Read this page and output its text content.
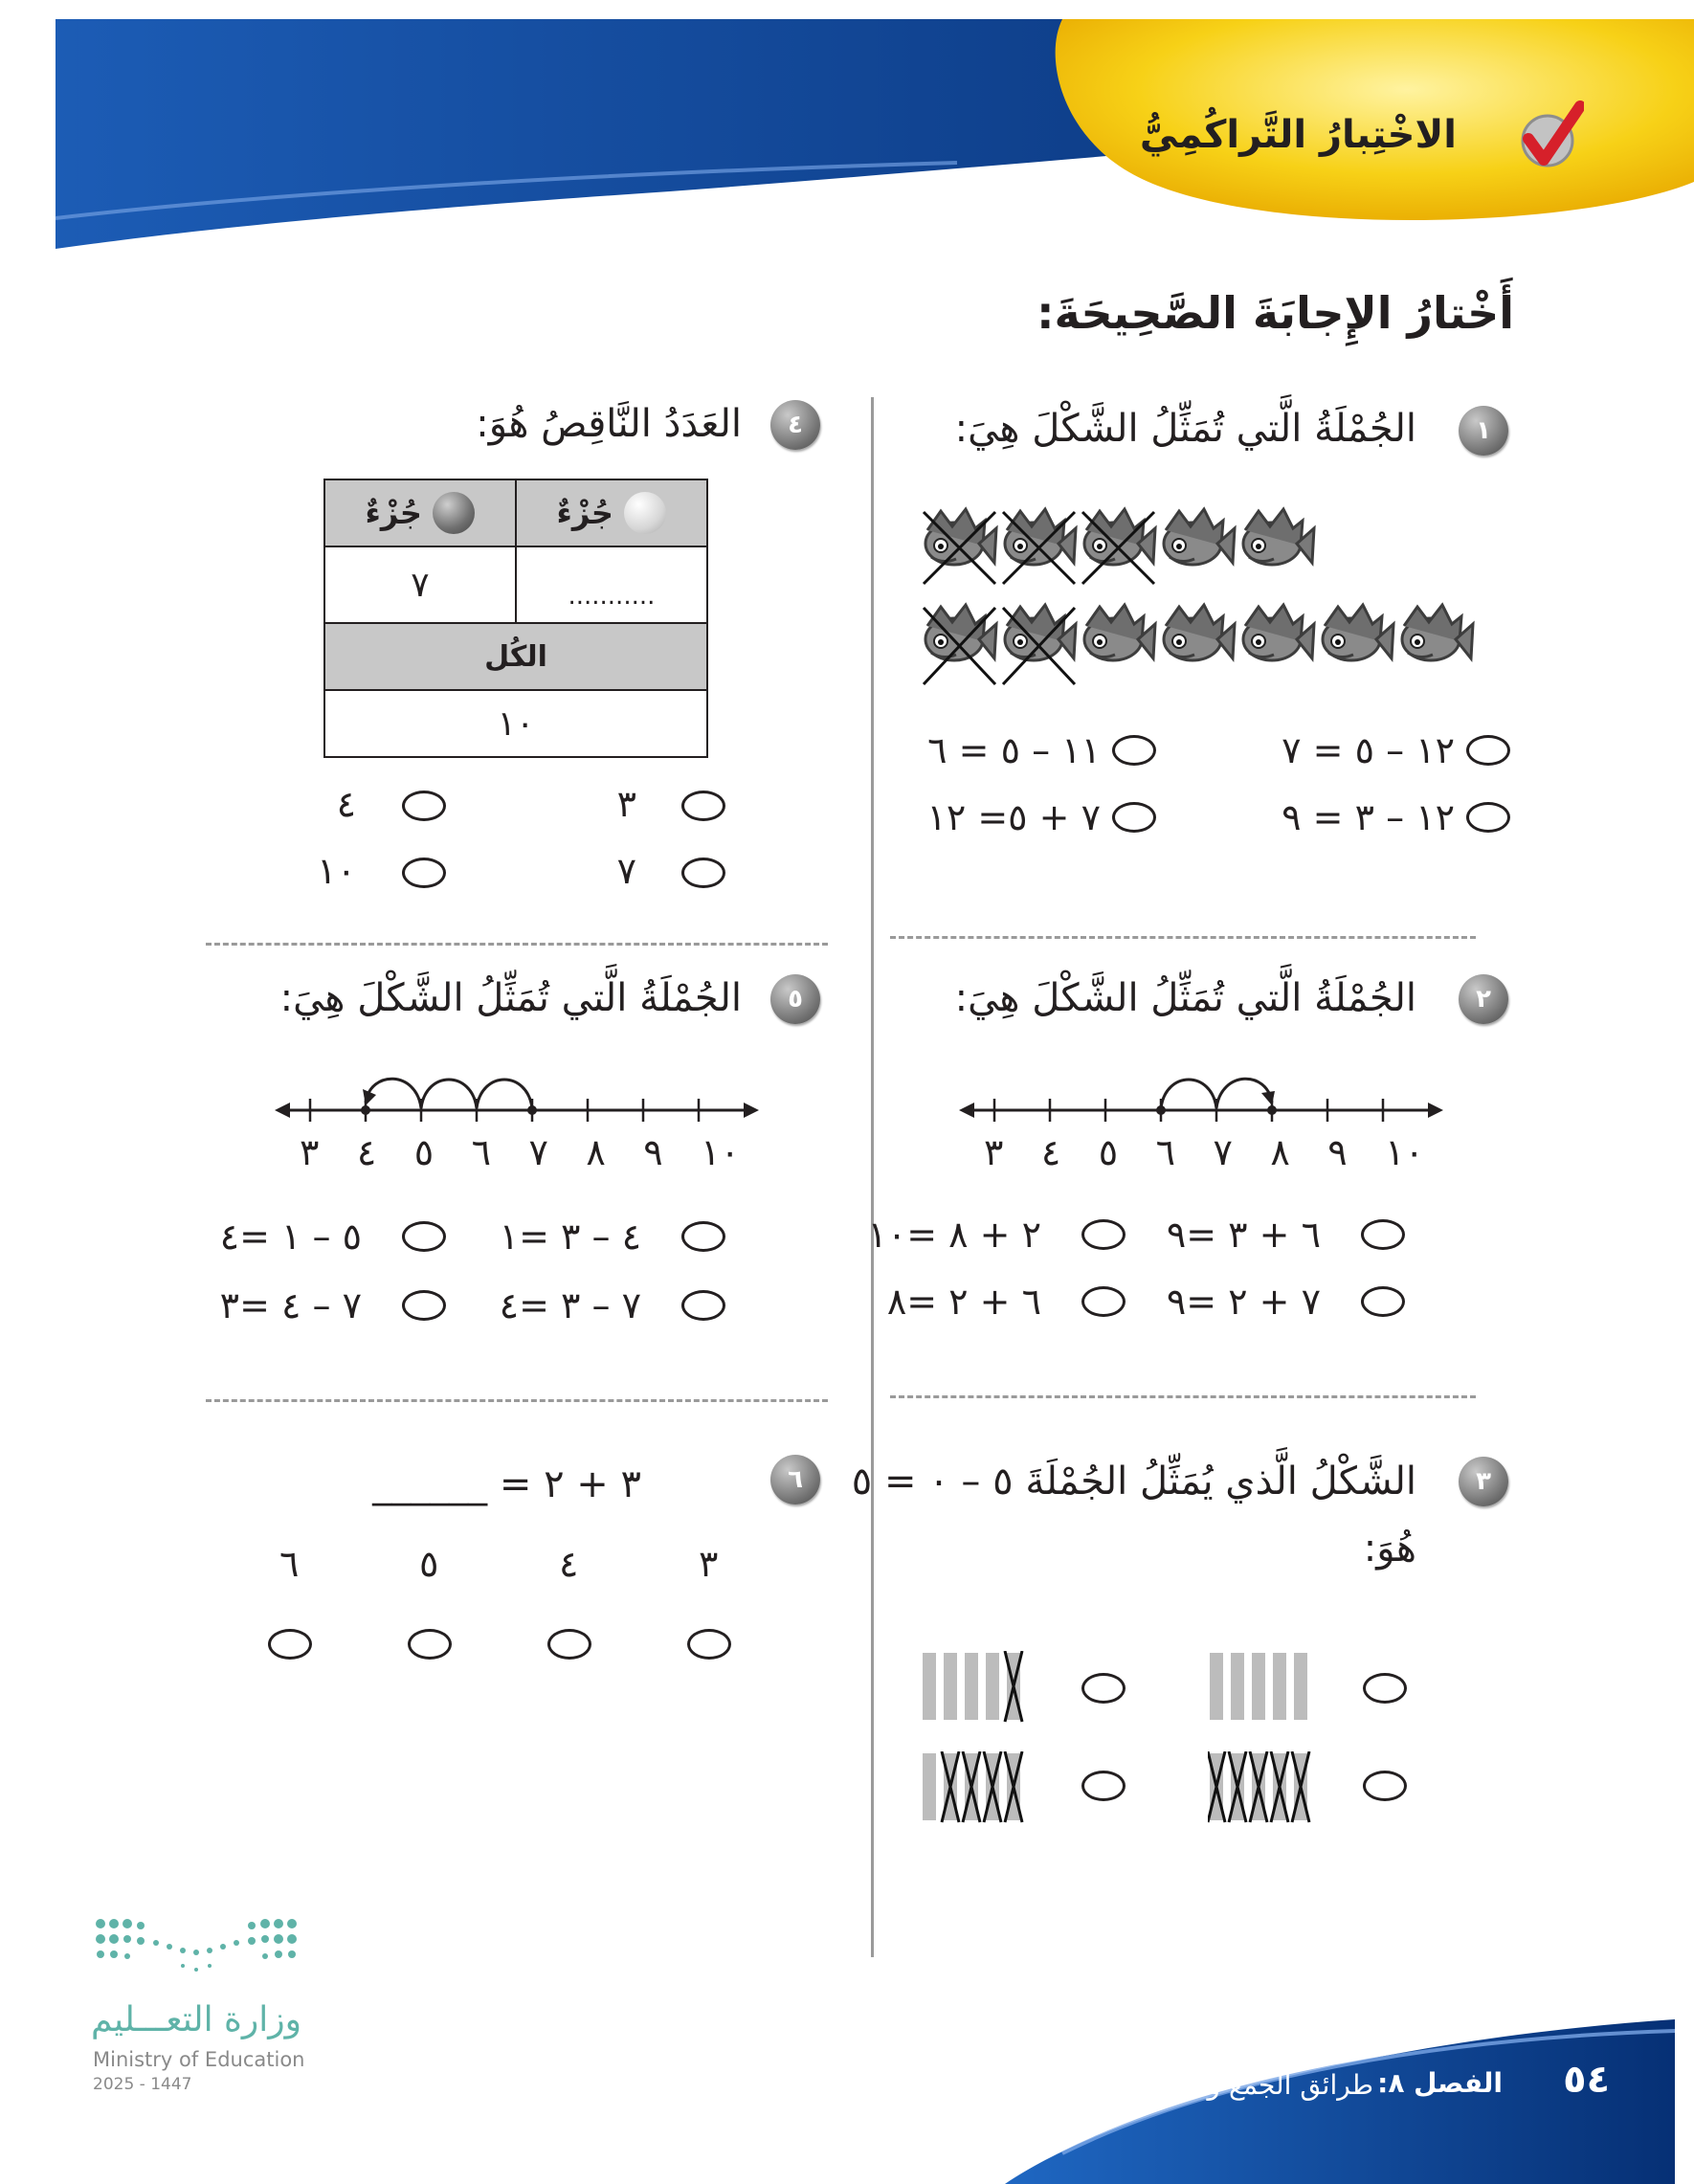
الاخْتِبارُ التَّراكُمِيُّ
أَخْتارُ الإِجابَةَ الصَّحِيحَةَ:
١
الجُمْلَةُ الَّتي تُمَثِّلُ الشَّكْلَ هِيَ:
١٢ – ٥ = ٧
١١ – ٥ = ٦
١٢ – ٣ = ٩
٧ + ٥= ١٢
٢
الجُمْلَةُ الَّتي تُمَثِّلُ الشَّكْلَ هِيَ:
١٠
٩
٨
٧
٦
٥
٤
٣
٦ + ٣ =٩
٢ + ٨ =١٠
٧ + ٢ =٩
٦ + ٢ =٨
٣
الشَّكْلُ الَّذي يُمَثِّلُ الجُمْلَةَ ٥ – ٠ = ٥
هُوَ:
٤
العَدَدُ النَّاقِصُ هُوَ:
جُزْءٌ	جُزْءٌ
...........	٧
الكُل	
١٠	
٣
٤
٧
١٠
٥
الجُمْلَةُ الَّتي تُمَثِّلُ الشَّكْلَ هِيَ:
١٠
٩
٨
٧
٦
٥
٤
٣
٤ – ٣ =١
٥ – ١ =٤
٧ – ٣ =٤
٧ – ٤ =٣
٦
٣ + ٢ = ______
٣
٤
٥
٦
وزارة التعـــليم
Ministry of Education
2025 - 1447	٥٤
الفصل ٨:
طرائق الجمع والطرح
